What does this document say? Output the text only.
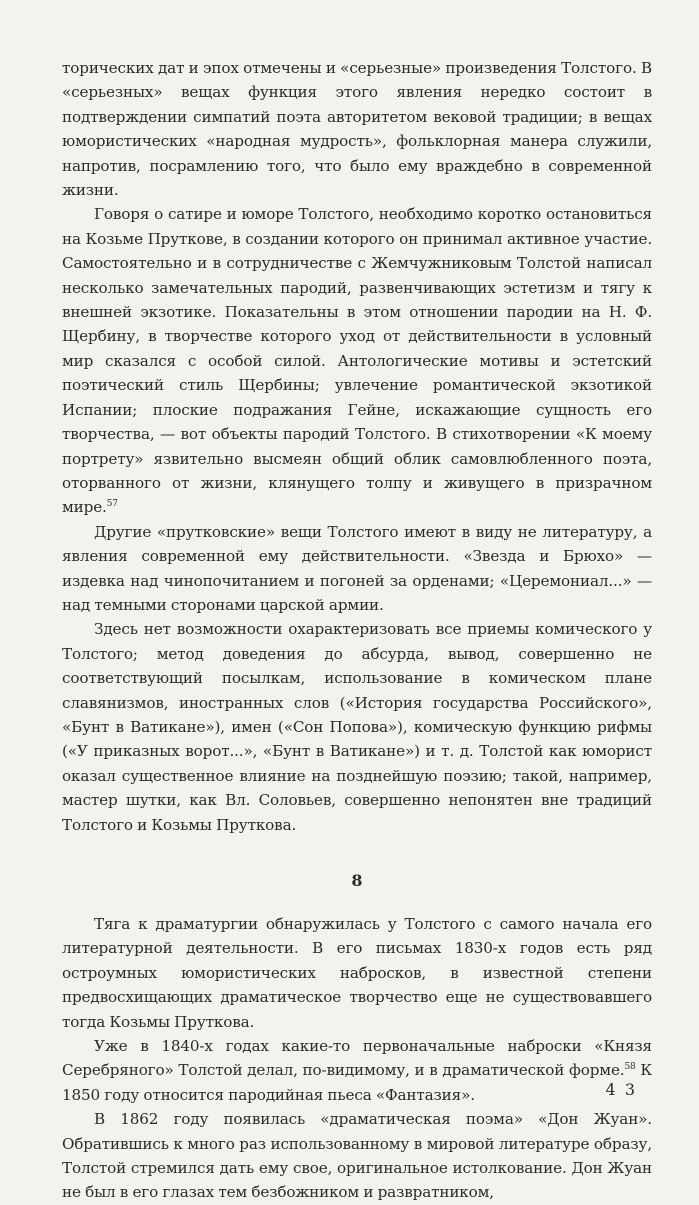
торических дат и эпох отмечены и «серьезные» произведения Толстого. В «серьезных» вещах функция этого явления нередко состоит в подтверждении симпатий поэта авторитетом вековой традиции; в вещах юмористических «народная мудрость», фольклорная манера служили, напротив, посрамлению того, что было ему враждебно в современной жизни.

Говоря о сатире и юморе Толстого, необходимо коротко остановиться на Козьме Пруткове, в создании которого он принимал активное участие. Самостоятельно и в сотрудничестве с Жемчужниковым Толстой написал несколько замечательных пародий, развенчивающих эстетизм и тягу к внешней экзотике. Показательны в этом отношении пародии на Н. Ф. Щербину, в творчестве которого уход от действительности в условный мир сказался с особой силой. Антологические мотивы и эстетский поэтический стиль Щербины; увлечение романтической экзотикой Испании; плоские подражания Гейне, искажающие сущность его творчества, — вот объекты пародий Толстого. В стихотворении «К моему портрету» язвительно высмеян общий облик самовлюбленного поэта, оторванного от жизни, клянущего толпу и живущего в призрачном мире.$^{57}$

Другие «прутковские» вещи Толстого имеют в виду не литературу, а явления современной ему действительности. «Звезда и Брюхо» — издевка над чинопочитанием и погоней за орденами; «Церемониал...» — над темными сторонами царской армии.

Здесь нет возможности охарактеризовать все приемы комического у Толстого; метод доведения до абсурда, вывод, совершенно не соответствующий посылкам, использование в комическом плане славянизмов, иностранных слов («История государства Российского», «Бунт в Ватикане»), имен («Сон Попова»), комическую функцию рифмы («У приказных ворот...», «Бунт в Ватикане») и т. д. Толстой как юморист оказал существенное влияние на позднейшую поэзию; такой, например, мастер шутки, как Вл. Соловьев, совершенно непонятен вне традиций Толстого и Козьмы Пруткова.

8

Тяга к драматургии обнаружилась у Толстого с самого начала его литературной деятельности. В его письмах 1830-х годов есть ряд остроумных юмористических набросков, в известной степени предвосхищающих драматическое творчество еще не существовавшего тогда Козьмы Пруткова.

Уже в 1840-х годах какие-то первоначальные наброски «Князя Серебряного» Толстой делал, по-видимому, и в драматической форме.$^{58}$ К 1850 году относится пародийная пьеса «Фантазия».

В 1862 году появилась «драматическая поэма» «Дон Жуан». Обратившись к много раз использованному в мировой литературе образу, Толстой стремился дать ему свое, оригинальное истолкование. Дон Жуан не был в его глазах тем безбожником и развратником,

4 3
